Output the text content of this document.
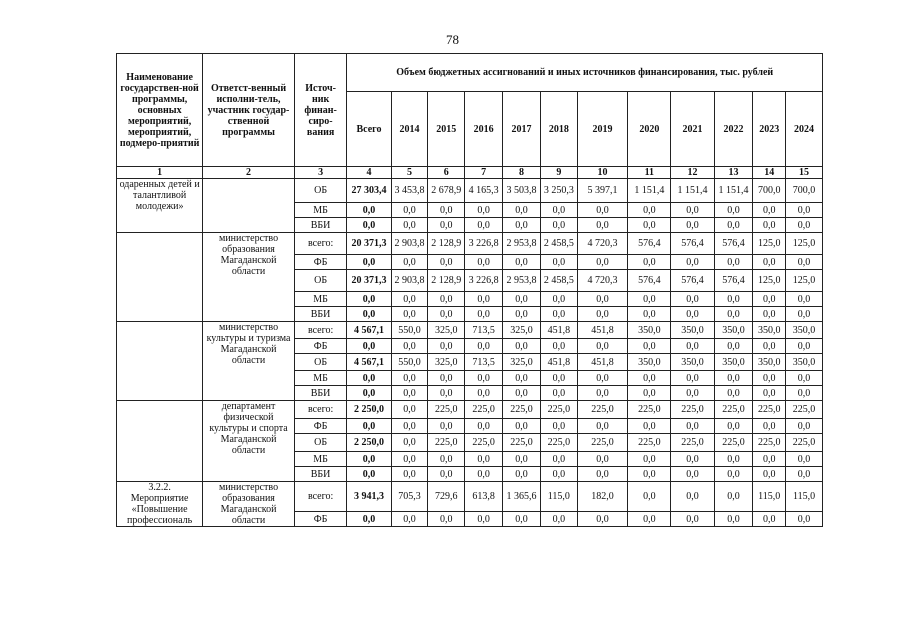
78
Наименование государствен-ной программы, основных мероприятий, мероприятий, подмеро-приятий	Ответст-венный исполни-тель, участник государ-ственной программы	Источ-ник финан-сиро-вания	Объем бюджетных ассигнований и иных источников финансирования, тыс. рублей											
			Всего	2014	2015	2016	2017	2018	2019	2020	2021	2022	2023	2024
1	2	3	4	5	6	7	8	9	10	11	12	13	14	15
одаренных детей и талантливой молодежи»		ОБ	27 303,4	3 453,8	2 678,9	4 165,3	3 503,8	3 250,3	5 397,1	1 151,4	1 151,4	1 151,4	700,0	700,0
		МБ	0,0	0,0	0,0	0,0	0,0	0,0	0,0	0,0	0,0	0,0	0,0	0,0
		ВБИ	0,0	0,0	0,0	0,0	0,0	0,0	0,0	0,0	0,0	0,0	0,0	0,0
	министерство образования Магаданской области	всего:	20 371,3	2 903,8	2 128,9	3 226,8	2 953,8	2 458,5	4 720,3	576,4	576,4	576,4	125,0	125,0
		ФБ	0,0	0,0	0,0	0,0	0,0	0,0	0,0	0,0	0,0	0,0	0,0	0,0
		ОБ	20 371,3	2 903,8	2 128,9	3 226,8	2 953,8	2 458,5	4 720,3	576,4	576,4	576,4	125,0	125,0
		МБ	0,0	0,0	0,0	0,0	0,0	0,0	0,0	0,0	0,0	0,0	0,0	0,0
		ВБИ	0,0	0,0	0,0	0,0	0,0	0,0	0,0	0,0	0,0	0,0	0,0	0,0
	министерство культуры и туризма Магаданской области	всего:	4 567,1	550,0	325,0	713,5	325,0	451,8	451,8	350,0	350,0	350,0	350,0	350,0
		ФБ	0,0	0,0	0,0	0,0	0,0	0,0	0,0	0,0	0,0	0,0	0,0	0,0
		ОБ	4 567,1	550,0	325,0	713,5	325,0	451,8	451,8	350,0	350,0	350,0	350,0	350,0
		МБ	0,0	0,0	0,0	0,0	0,0	0,0	0,0	0,0	0,0	0,0	0,0	0,0
		ВБИ	0,0	0,0	0,0	0,0	0,0	0,0	0,0	0,0	0,0	0,0	0,0	0,0
	департамент физической культуры и спорта Магаданской области	всего:	2 250,0	0,0	225,0	225,0	225,0	225,0	225,0	225,0	225,0	225,0	225,0	225,0
		ФБ	0,0	0,0	0,0	0,0	0,0	0,0	0,0	0,0	0,0	0,0	0,0	0,0
		ОБ	2 250,0	0,0	225,0	225,0	225,0	225,0	225,0	225,0	225,0	225,0	225,0	225,0
		МБ	0,0	0,0	0,0	0,0	0,0	0,0	0,0	0,0	0,0	0,0	0,0	0,0
		ВБИ	0,0	0,0	0,0	0,0	0,0	0,0	0,0	0,0	0,0	0,0	0,0	0,0
3.2.2. Мероприятие «Повышение профессиональ	министерство образования Магаданской области	всего:	3 941,3	705,3	729,6	613,8	1 365,6	115,0	182,0	0,0	0,0	0,0	115,0	115,0
		ФБ	0,0	0,0	0,0	0,0	0,0	0,0	0,0	0,0	0,0	0,0	0,0	0,0
